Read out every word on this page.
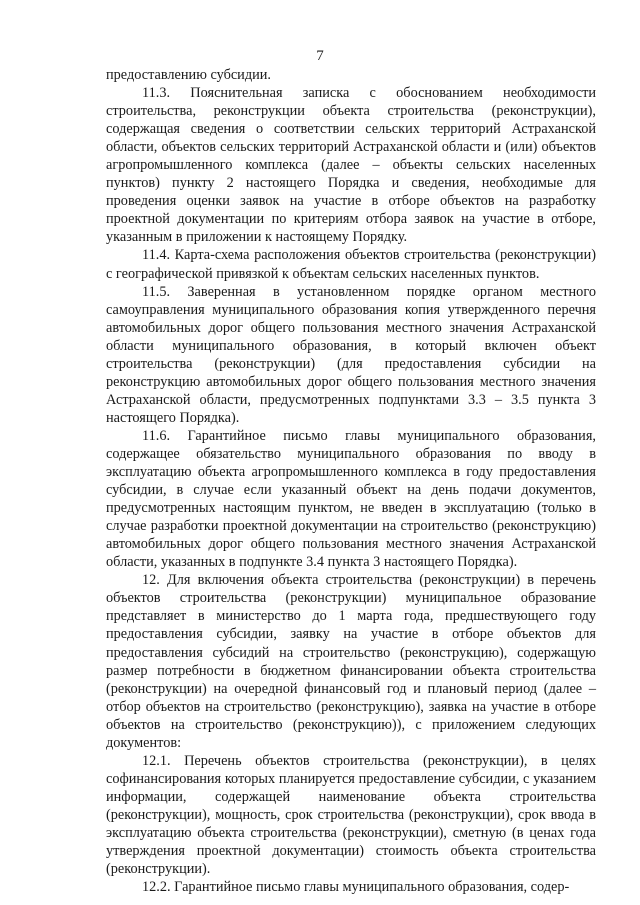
7

предоставлению субсидии.

11.3. Пояснительная записка с обоснованием необходимости строительства, реконструкции объекта строительства (реконструкции), содержащая сведения о соответствии сельских территорий Астраханской области, объектов сельских территорий Астраханской области и (или) объектов агропромышленного комплекса (далее – объекты сельских населенных пунктов) пункту 2 настоящего Порядка и сведения, необходимые для проведения оценки заявок на участие в отборе объектов на разработку проектной документации по критериям отбора заявок на участие в отборе, указанным в приложении к настоящему Порядку.

11.4. Карта-схема расположения объектов строительства (реконструкции) с географической привязкой к объектам сельских населенных пунктов.

11.5. Заверенная в установленном порядке органом местного самоуправления муниципального образования копия утвержденного перечня автомобильных дорог общего пользования местного значения Астраханской области муниципального образования, в который включен объект строительства (реконструкции) (для предоставления субсидии на реконструкцию автомобильных дорог общего пользования местного значения Астраханской области, предусмотренных подпунктами 3.3 – 3.5 пункта 3 настоящего Порядка).

11.6. Гарантийное письмо главы муниципального образования, содержащее обязательство муниципального образования по вводу в эксплуатацию объекта агропромышленного комплекса в году предоставления субсидии, в случае если указанный объект на день подачи документов, предусмотренных настоящим пунктом, не введен в эксплуатацию (только в случае разработки проектной документации на строительство (реконструкцию) автомобильных дорог общего пользования местного значения Астраханской области, указанных в подпункте 3.4 пункта 3 настоящего Порядка).

12. Для включения объекта строительства (реконструкции) в перечень объектов строительства (реконструкции) муниципальное образование представляет в министерство до 1 марта года, предшествующего году предоставления субсидии, заявку на участие в отборе объектов для предоставления субсидий на строительство (реконструкцию), содержащую размер потребности в бюджетном финансировании объекта строительства (реконструкции) на очередной финансовый год и плановый период (далее – отбор объектов на строительство (реконструкцию), заявка на участие в отборе объектов на строительство (реконструкцию)), с приложением следующих документов:

12.1. Перечень объектов строительства (реконструкции), в целях софинансирования которых планируется предоставление субсидии, с указанием информации, содержащей наименование объекта строительства (реконструкции), мощность, срок строительства (реконструкции), срок ввода в эксплуатацию объекта строительства (реконструкции), сметную (в ценах года утверждения проектной документации) стоимость объекта строительства (реконструкции).

12.2. Гарантийное письмо главы муниципального образования, содер-
